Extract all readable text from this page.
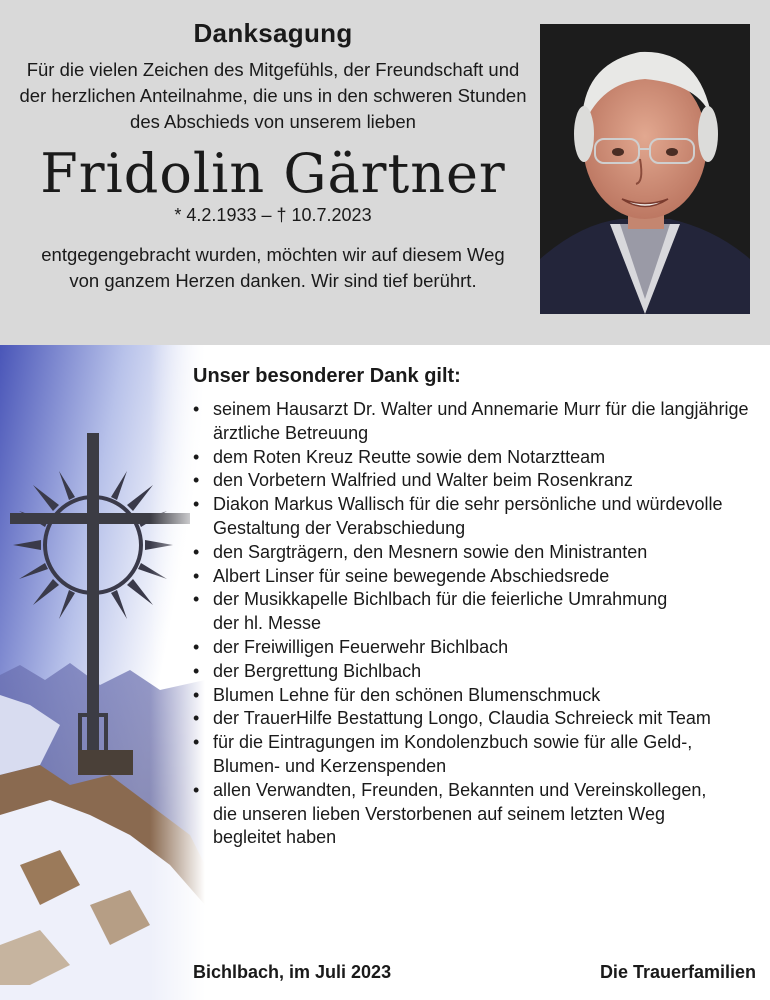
Danksagung

Für die vielen Zeichen des Mitgefühls, der Freundschaft und
der herzlichen Anteilnahme, die uns in den schweren Stunden
des Abschieds von unserem lieben

Fridolin Gärtner

* 4.2.1933 – † 10.7.2023

entgegengebracht wurden, möchten wir auf diesem Weg
von ganzem Herzen danken. Wir sind tief berührt.

Unser besonderer Dank gilt:

• seinem Hausarzt Dr. Walter und Annemarie Murr für die langjährige
ärztliche Betreuung
• dem Roten Kreuz Reutte sowie dem Notarztteam
• den Vorbetern Walfried und Walter beim Rosenkranz
• Diakon Markus Wallisch für die sehr persönliche und würdevolle
Gestaltung der Verabschiedung
• den Sargträgern, den Mesnern sowie den Ministranten
• Albert Linser für seine bewegende Abschiedsrede
• der Musikkapelle Bichlbach für die feierliche Umrahmung
der hl. Messe
• der Freiwilligen Feuerwehr Bichlbach
• der Bergrettung Bichlbach
• Blumen Lehne für den schönen Blumenschmuck
• der TrauerHilfe Bestattung Longo, Claudia Schreieck mit Team
• für die Eintragungen im Kondolenzbuch sowie für alle Geld-,
Blumen- und Kerzenspenden
• allen Verwandten, Freunden, Bekannten und Vereinskollegen,
die unseren lieben Verstorbenen auf seinem letzten Weg
begleitet haben
Bichlbach, im Juli 2023	Die Trauerfamilien
